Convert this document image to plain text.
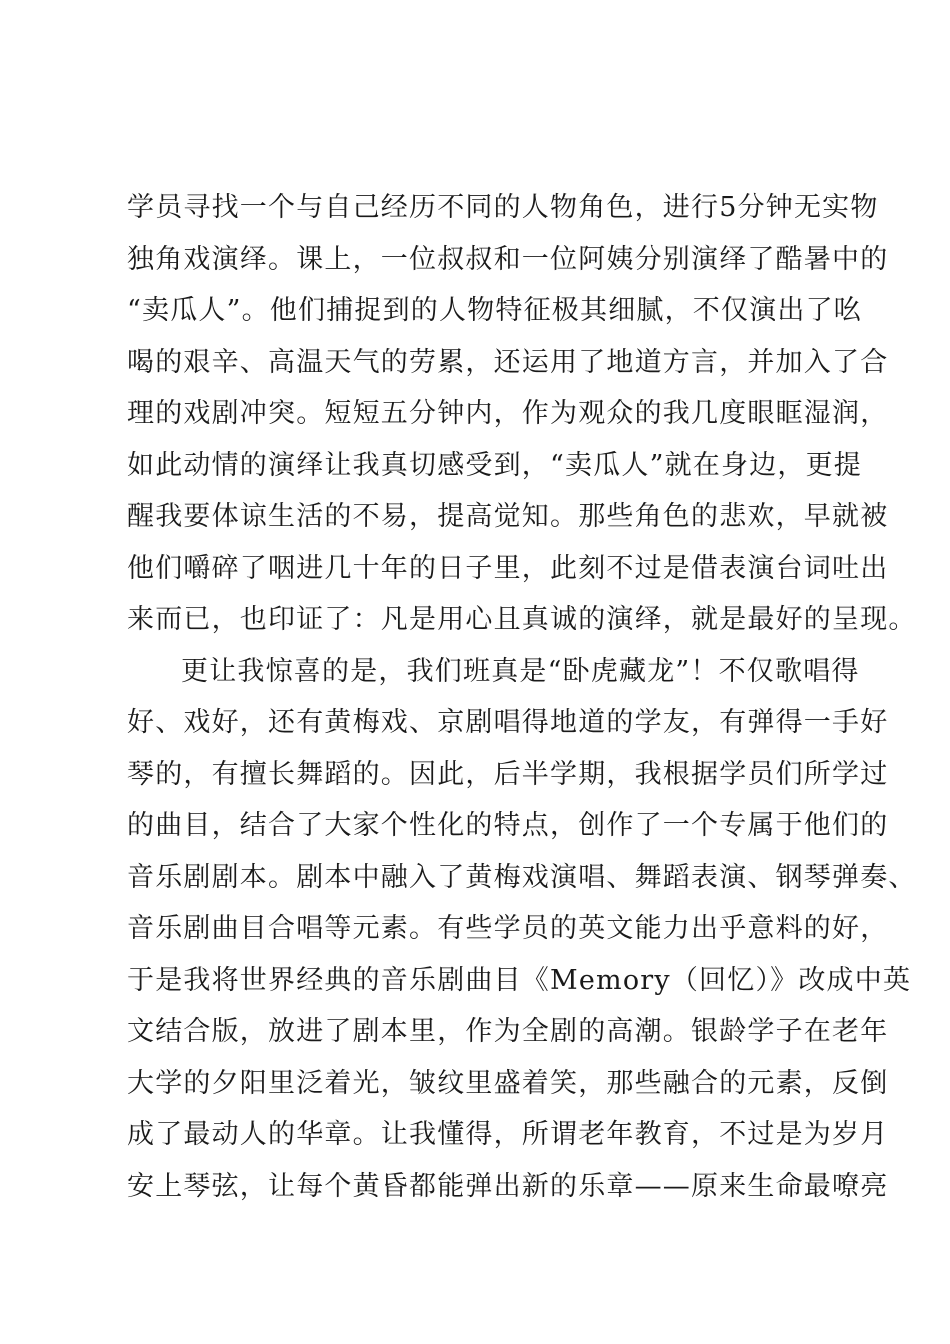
学员寻找一个与自己经历不同的人物角色，进行5分钟无实物
独角戏演绎。课上，一位叔叔和一位阿姨分别演绎了酷暑中的
“卖瓜人”。他们捕捉到的人物特征极其细腻，不仅演出了吆
喝的艰辛、高温天气的劳累，还运用了地道方言，并加入了合
理的戏剧冲突。短短五分钟内，作为观众的我几度眼眶湿润，
如此动情的演绎让我真切感受到，“卖瓜人”就在身边，更提
醒我要体谅生活的不易，提高觉知。那些角色的悲欢，早就被
他们嚼碎了咽进几十年的日子里，此刻不过是借表演台词吐出
来而已，也印证了：凡是用心且真诚的演绎，就是最好的呈现。
更让我惊喜的是，我们班真是“卧虎藏龙”！不仅歌唱得
好、戏好，还有黄梅戏、京剧唱得地道的学友，有弹得一手好
琴的，有擅长舞蹈的。因此，后半学期，我根据学员们所学过
的曲目，结合了大家个性化的特点，创作了一个专属于他们的
音乐剧剧本。剧本中融入了黄梅戏演唱、舞蹈表演、钢琴弹奏、
音乐剧曲目合唱等元素。有些学员的英文能力出乎意料的好，
于是我将世界经典的音乐剧曲目《Memory（回忆）》改成中英
文结合版，放进了剧本里，作为全剧的高潮。银龄学子在老年
大学的夕阳里泛着光，皱纹里盛着笑，那些融合的元素，反倒
成了最动人的华章。让我懂得，所谓老年教育，不过是为岁月
安上琴弦，让每个黄昏都能弹出新的乐章——原来生命最嘹亮
